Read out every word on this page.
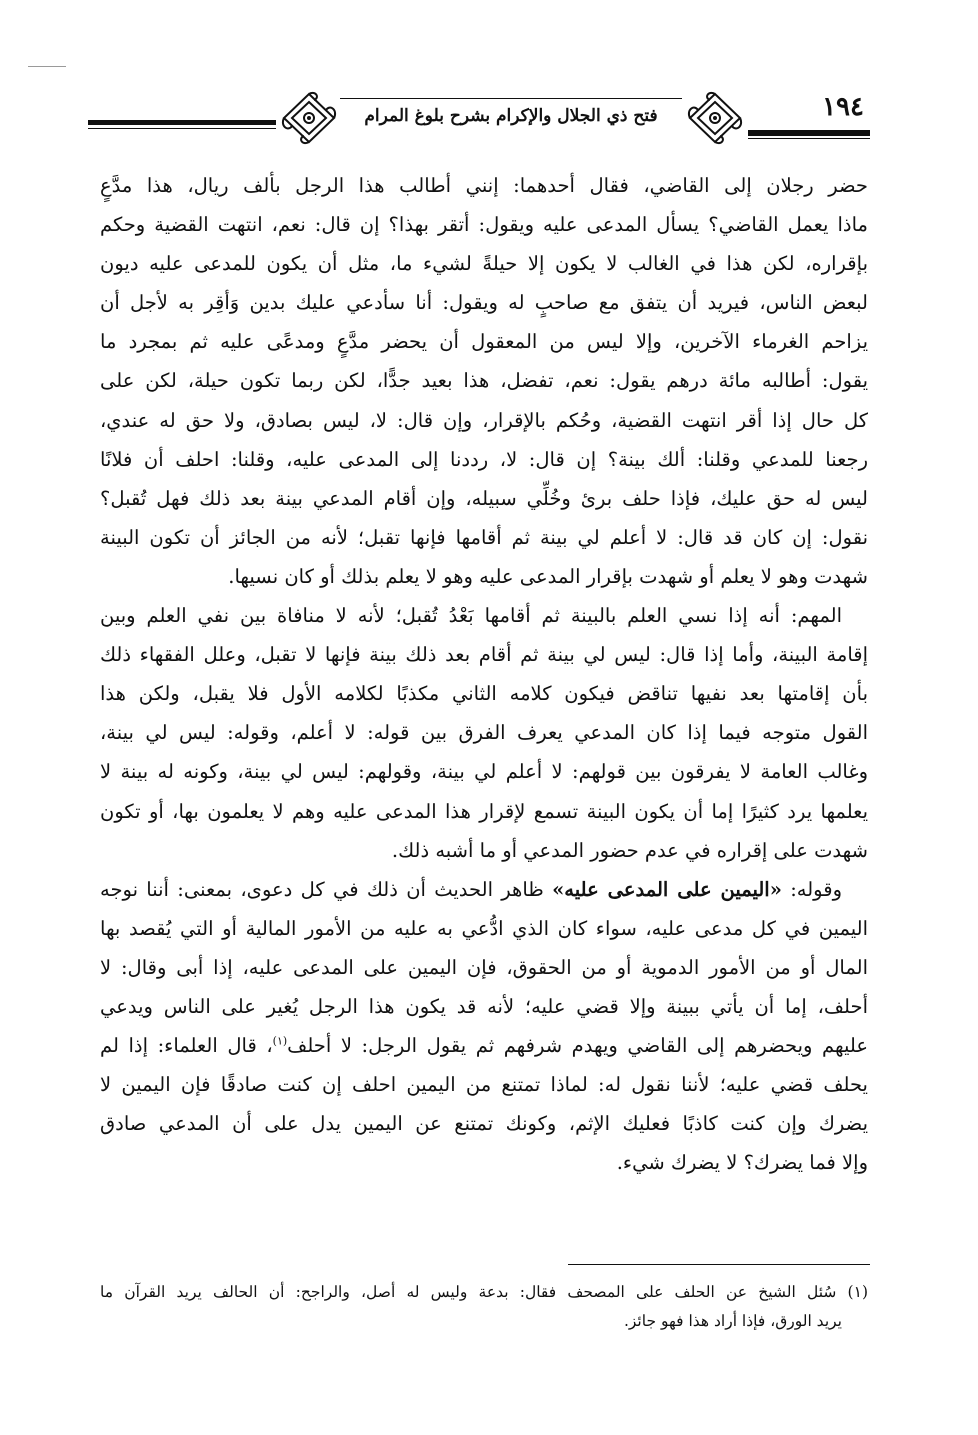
١٩٤
فتح ذي الجلال والإكرام بشرح بلوغ المرام
حضر رجلان إلى القاضي، فقال أحدهما: إنني أطالب هذا الرجل بألف ريال، هذا مدَّعٍ
ماذا يعمل القاضي؟ يسأل المدعى عليه ويقول: أتقر بهذا؟ إن قال: نعم، انتهت القضية وحكم
بإقراره، لكن هذا في الغالب لا يكون إلا حيلةً لشيء ما، مثل أن يكون للمدعى عليه ديون
لبعض الناس، فيريد أن يتفق مع صاحبٍ له ويقول: أنا سأدعي عليك بدين وَأقِر به لأجل أن
يزاحم الغرماء الآخرين، وإلا ليس من المعقول أن يحضر مدَّعٍ ومدعًى عليه ثم بمجرد ما
يقول: أطالبه مائة درهم يقول: نعم، تفضل، هذا بعيد جدًّا، لكن ربما تكون حيلة، لكن على
كل حال إذا أقر انتهت القضية، وحُكم بالإقرار، وإن قال: لا، ليس بصادق، ولا حق له عندي،
رجعنا للمدعي وقلنا: ألك بينة؟ إن قال: لا، رددنا إلى المدعى عليه، وقلنا: احلف أن فلانًا
ليس له حق عليك، فإذا حلف برئ وخُلِّي سبيله، وإن أقام المدعي بينة بعد ذلك فهل تُقبل؟
نقول: إن كان قد قال: لا أعلم لي بينة ثم أقامها فإنها تقبل؛ لأنه من الجائز أن تكون البينة
شهدت وهو لا يعلم أو شهدت بإقرار المدعى عليه وهو لا يعلم بذلك أو كان نسيها.
المهم: أنه إذا نسي العلم بالبينة ثم أقامها بَعْدُ تُقبل؛ لأنه لا منافاة بين نفي العلم وبين
إقامة البينة، وأما إذا قال: ليس لي بينة ثم أقام بعد ذلك بينة فإنها لا تقبل، وعلل الفقهاء ذلك
بأن إقامتها بعد نفيها تناقض فيكون كلامه الثاني مكذبًا لكلامه الأول فلا يقبل، ولكن هذا
القول متوجه فيما إذا كان المدعي يعرف الفرق بين قوله: لا أعلم، وقوله: ليس لي بينة،
وغالب العامة لا يفرقون بين قولهم: لا أعلم لي بينة، وقولهم: ليس لي بينة، وكونه له بينة لا
يعلمها يرد كثيرًا إما أن يكون البينة تسمع لإقرار هذا المدعى عليه وهم لا يعلمون بها، أو تكون
شهدت على إقراره في عدم حضور المدعي أو ما أشبه ذلك.
وقوله: «اليمين على المدعى عليه» ظاهر الحديث أن ذلك في كل دعوى، بمعنى: أننا نوجه
اليمين في كل مدعى عليه، سواء كان الذي ادُّعي به عليه من الأمور المالية أو التي يُقصد بها
المال أو من الأمور الدموية أو من الحقوق، فإن اليمين على المدعى عليه، إذا أبى وقال: لا
أحلف، إما أن يأتي ببينة وإلا قضي عليه؛ لأنه قد يكون هذا الرجل يُغير على الناس ويدعي
عليهم ويحضرهم إلى القاضي ويهدم شرفهم ثم يقول الرجل: لا أحلف$^{(١)}$، قال العلماء: إذا لم
يحلف قضي عليه؛ لأننا نقول له: لماذا تمتنع من اليمين احلف إن كنت صادقًا فإن اليمين لا
يضرك وإن كنت كاذبًا فعليك الإثم، وكونك تمتنع عن اليمين يدل على أن المدعي صادق
وإلا فما يضرك؟ لا يضرك شيء.
(١) سُئل الشيخ عن الحلف على المصحف فقال: بدعة وليس له أصل، والراجح: أن الحالف يريد القرآن ما
يريد الورق، فإذا أراد هذا فهو جائز.
